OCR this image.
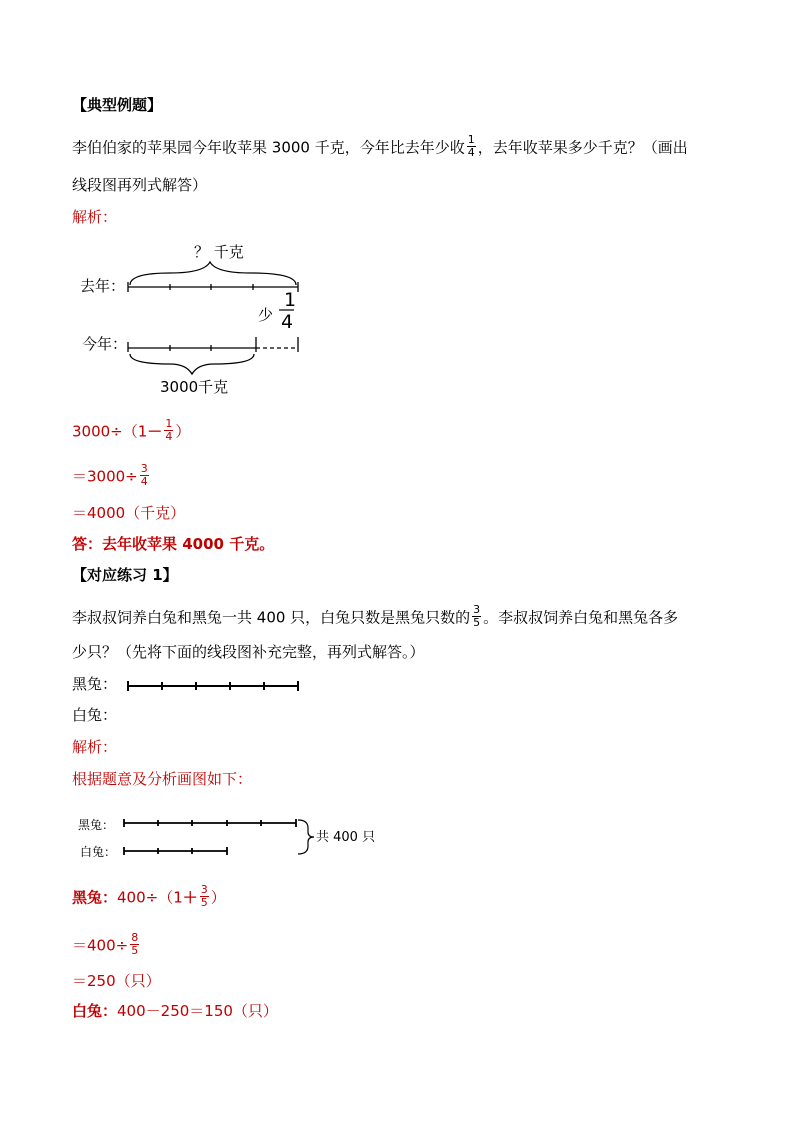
【典型例题】
李伯伯家的苹果园今年收苹果 3000 千克，今年比去年少收 $\frac{1}{4}$ ，去年收苹果多少千克？（画出
线段图再列式解答）
解析：
？ 千克
去年：
少
1
4
今年：
3000千克
$3000\div(1- \frac{1}{4}$ ）
$=3000\div \frac{3}{4}$
＝4000（千克）
答：去年收苹果 4000 千克。
【对应练习 1】
李叔叔饲养白兔和黑兔一共 400 只，白兔只数是黑兔只数的 $\frac{3}{5}$ 。李叔叔饲养白兔和黑兔各多
少只？（先将下面的线段图补充完整，再列式解答。）
黑兔：
白兔：
解析：
根据题意及分析画图如下：
黑兔：
白兔：
共 400 只
黑兔：$400\div(1+ \frac{3}{5}$ ）
$=400\div \frac{8}{5}$
＝250（只）
白兔：400－250＝150（只）
